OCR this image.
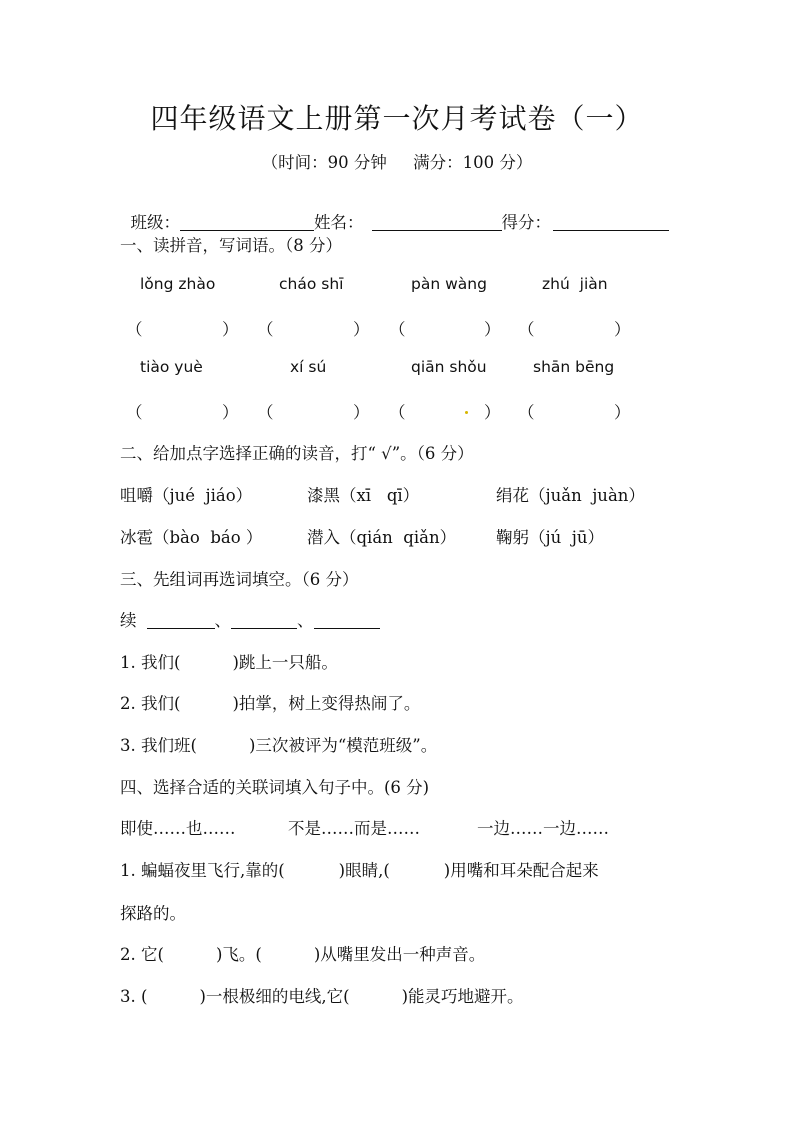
四年级语文上册第一次月考试卷（一）
（时间：90 分钟     满分：100 分）

班级：	姓名：	得分：

一、读拼音，写词语。（8 分）
lǒng zhào	cháo shī	pàn wàng	zhú  jiàn
（	） （	） （	） （	）
tiào yuè	xí sú	qiān shǒu	shān bēng
（	） （	） （	） （	）
二、给加点字选择正确的读音，打“ √”。（6 分）
咀嚼（jué  jiáo）	漆黑（xī   qī）	绢花（juǎn  juàn）
冰雹（bào  báo ）	潜入（qián  qiǎn） 鞠躬（jú  jū）
三、先组词再选词填空。（6 分）
续	、	、
1. 我们(	)跳上一只船。
2. 我们(	)拍掌，树上变得热闹了。
3. 我们班(	)三次被评为“模范班级”。
四、选择合适的关联词填入句子中。(6 分)
即使……也……	不是……而是……	一边……一边……
1. 蝙蝠夜里飞行,靠的(	)眼睛,(	)用嘴和耳朵配合起来
探路的。
2. 它(	)飞。(	)从嘴里发出一种声音。
3. (	)一根极细的电线,它(	)能灵巧地避开。
